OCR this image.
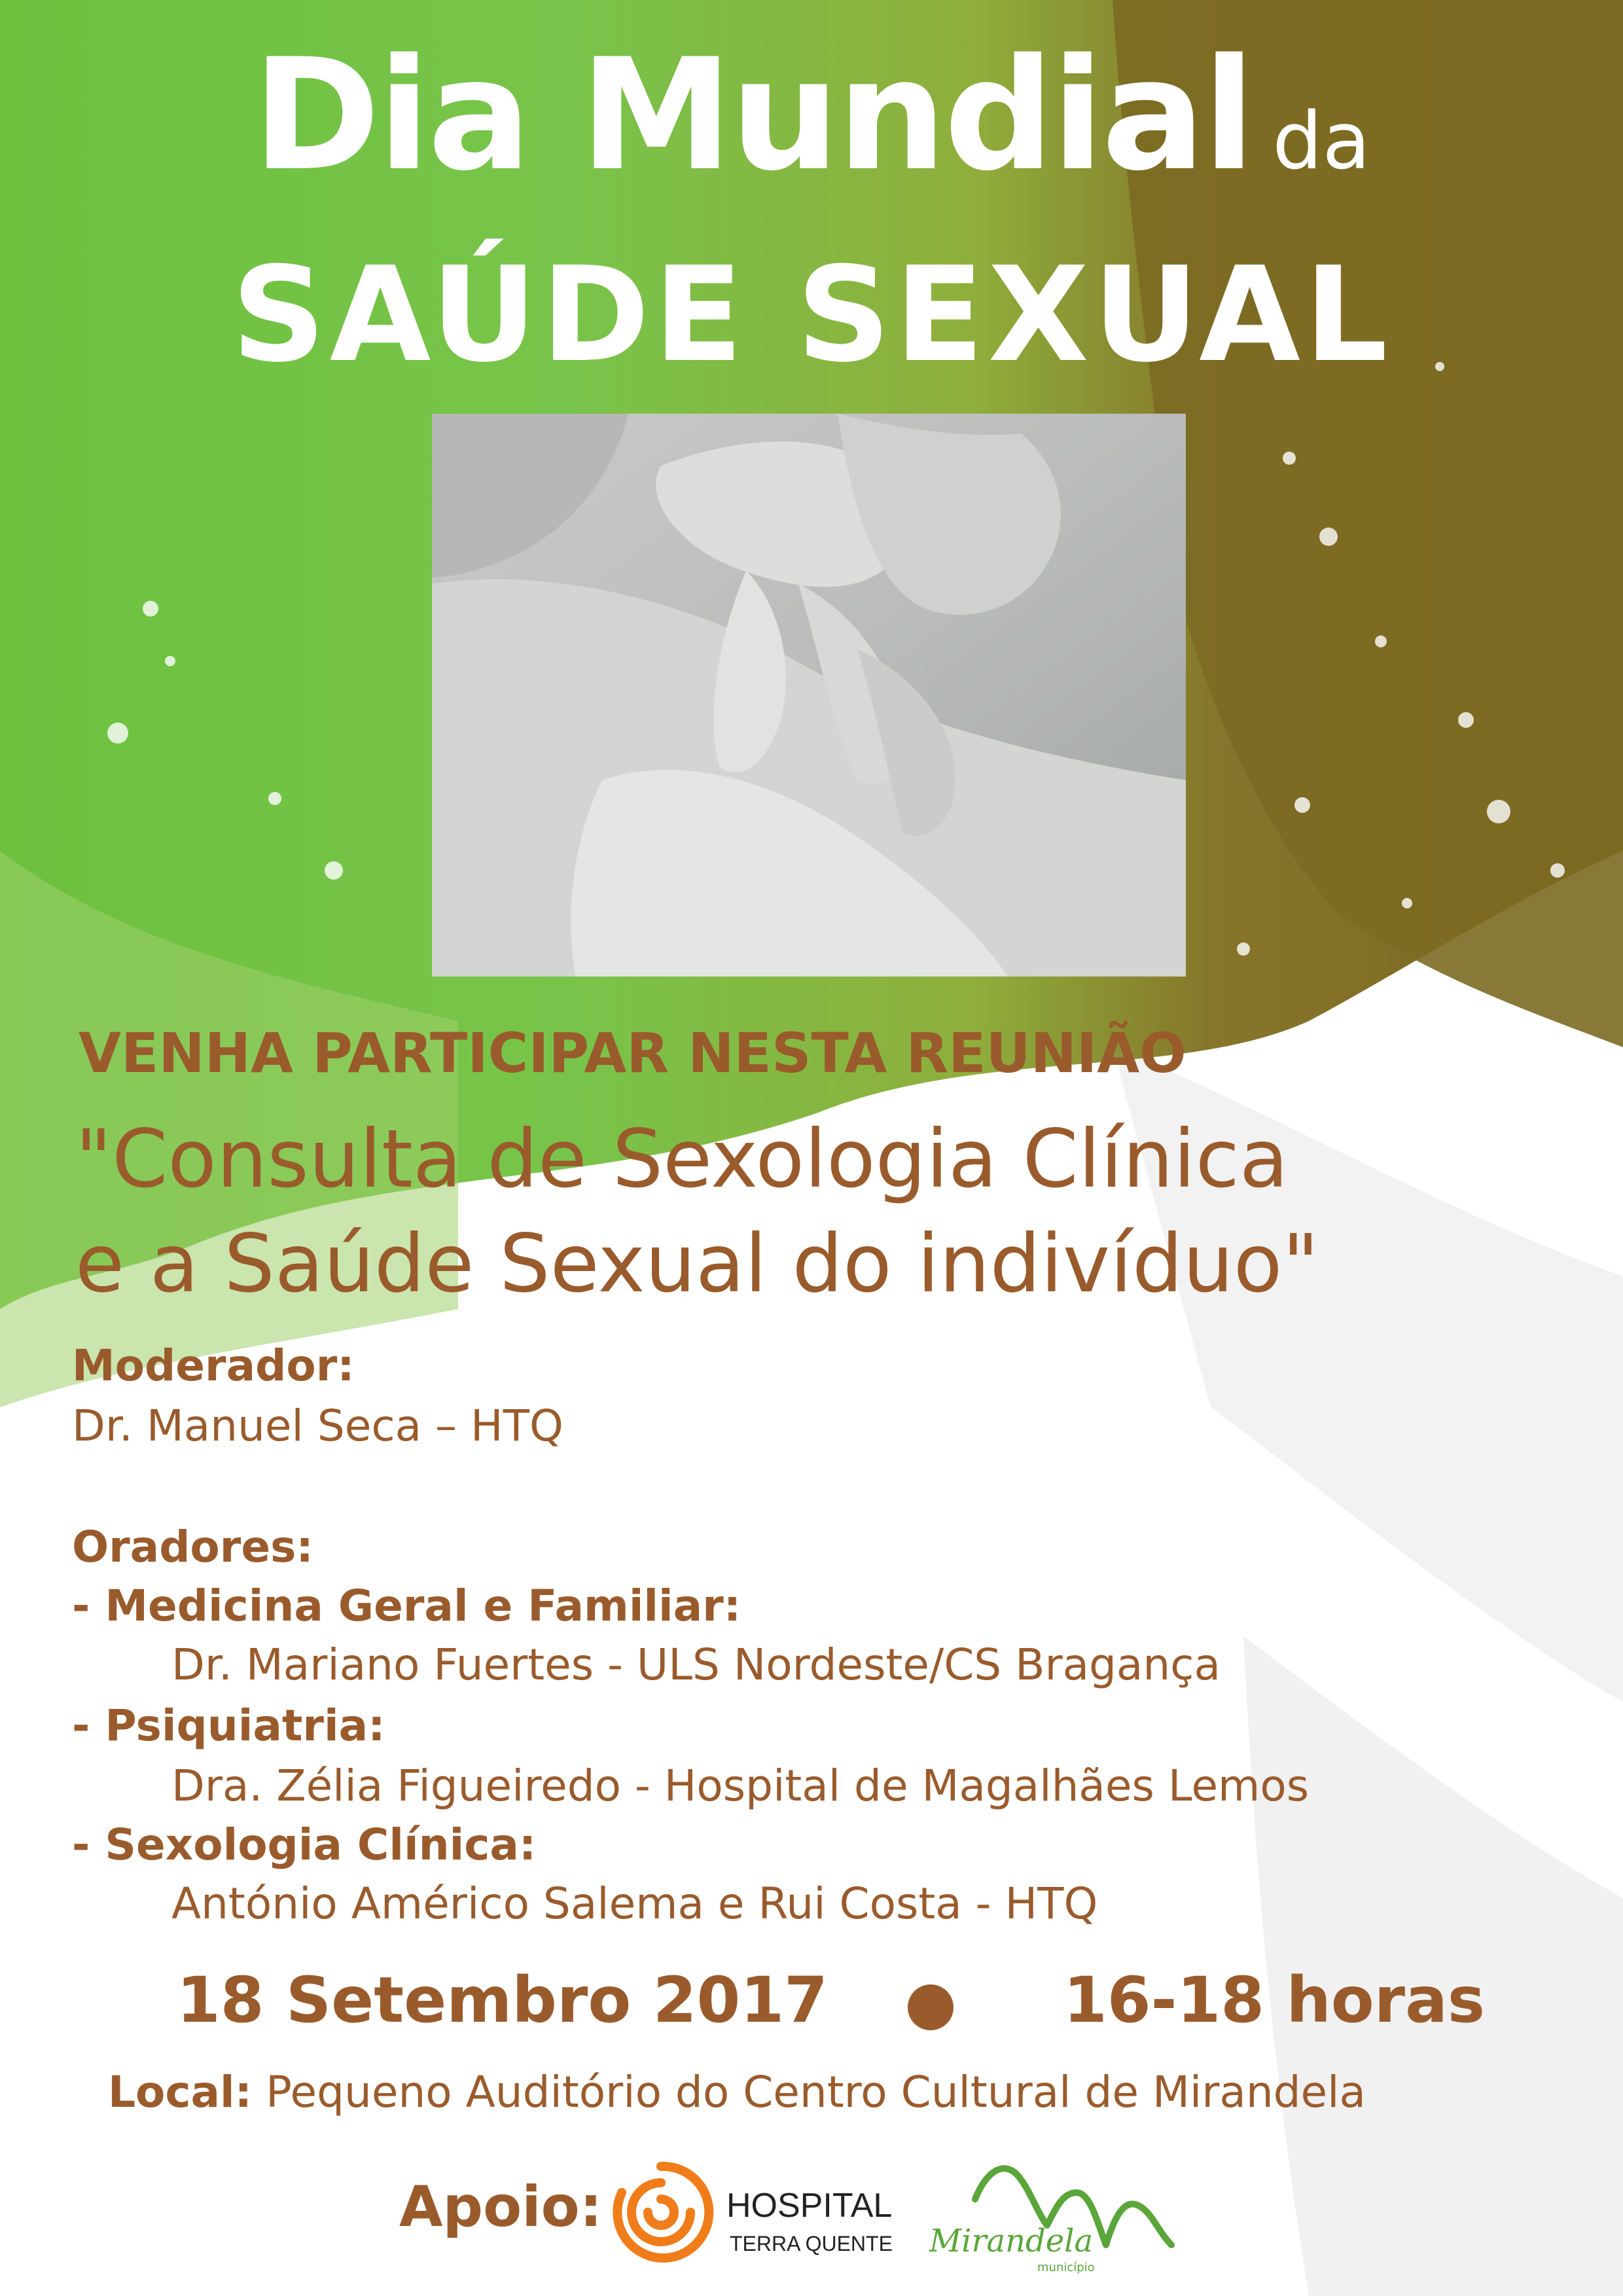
Dia Mundial da
SAÚDE SEXUAL
VENHA PARTICIPAR NESTA REUNIÃO
"Consulta de Sexologia Clínica
e a Saúde Sexual do indivíduo"
Moderador:
Dr. Manuel Seca – HTQ
Oradores:
- Medicina Geral e Familiar:
Dr. Mariano Fuertes - ULS Nordeste/CS Bragança
- Psiquiatria:
Dra. Zélia Figueiredo - Hospital de Magalhães Lemos
- Sexologia Clínica:
António Américo Salema e Rui Costa - HTQ
18 Setembro 2017	16-18 horas
Local: Pequeno Auditório do Centro Cultural de Mirandela
Apoio:	HOSPITAL
TERRA QUENTE Mirandela
município
